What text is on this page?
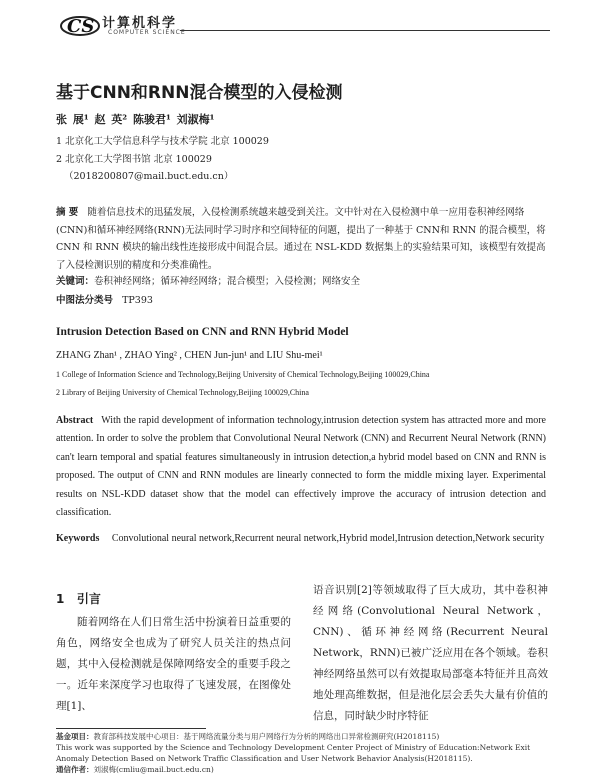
CS 计算机科学
COMPUTER SCIENCE
基于CNN和RNN混合模型的入侵检测
张 展¹ 赵 英² 陈骏君¹ 刘淑梅¹
1 北京化工大学信息科学与技术学院 北京 100029
2 北京化工大学图书馆 北京 100029
（2018200807@mail.buct.edu.cn）
摘 要 随着信息技术的迅猛发展，入侵检测系统越来越受到关注。文中针对在入侵检测中单一应用卷积神经网络(CNN)和循环神经网络(RNN)无法同时学习时序和空间特征的问题，提出了一种基于 CNN和 RNN 的混合模型，将 CNN 和 RNN 模块的输出线性连接形成中间混合层。通过在 NSL-KDD 数据集上的实验结果可知，该模型有效提高了入侵检测识别的精度和分类准确性。
关键词：卷积神经网络；循环神经网络；混合模型；入侵检测；网络安全
中图法分类号 TP393
Intrusion Detection Based on CNN and RNN Hybrid Model
ZHANG Zhan¹ , ZHAO Ying² , CHEN Jun-jun¹ and LIU Shu-mei¹
1 College of Information Science and Technology,Beijing University of Chemical Technology,Beijing 100029,China
2 Library of Beijing University of Chemical Technology,Beijing 100029,China
Abstract With the rapid development of information technology,intrusion detection system has attracted more and more attention. In order to solve the problem that Convolutional Neural Network (CNN) and Recurrent Neural Network (RNN) can't learn temporal and spatial features simultaneously in intrusion detection,a hybrid model based on CNN and RNN is proposed. The output of CNN and RNN modules are linearly connected to form the middle mixing layer. Experimental results on NSL-KDD dataset show that the model can effectively improve the accuracy of intrusion detection and classification.
Keywords Convolutional neural network,Recurrent neural network,Hybrid model,Intrusion detection,Network security
1 引言
随着网络在人们日常生活中扮演着日益重要的角色，网络安全也成为了研究人员关注的热点问题，其中入侵检测就是保障网络安全的重要手段之一。近年来深度学习也取得了飞速发展，在图像处理[1]、
语音识别[2]等领域取得了巨大成功，其中卷积神经网络(Convolutional Neural Network，CNN)、循环神经网络(Recurrent Neural Network，RNN)已被广泛应用在各个领域。卷积神经网络虽然可以有效提取局部毫本特征并且高效地处理高维数据，但是池化层会丢失大量有价值的信息，同时缺少时序特征
基金项目：教育部科技发展中心项目：基于网络流量分类与用户网络行为分析的网络出口异常检测研究(H2018115)
This work was supported by the Science and Technology Development Center Project of Ministry of Education:Network Exit Anomaly Detection Based on Network Traffic Classification and User Network Behavior Analysis(H2018115).
通信作者：刘淑梅(cmliu@mail.buct.edu.cn)
